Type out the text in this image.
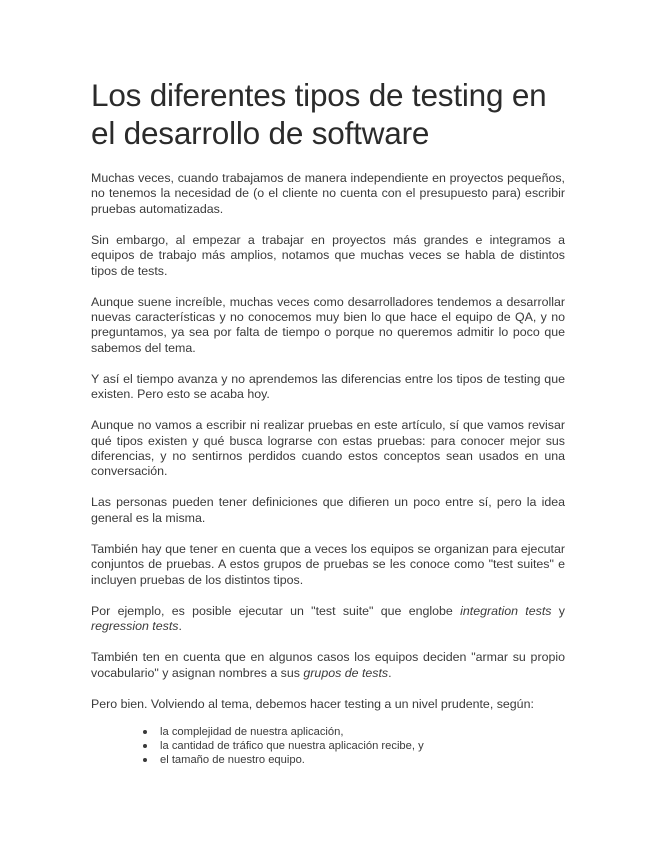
Los diferentes tipos de testing en el desarrollo de software

Muchas veces, cuando trabajamos de manera independiente en proyectos pequeños, no tenemos la necesidad de (o el cliente no cuenta con el presupuesto para) escribir pruebas automatizadas.

Sin embargo, al empezar a trabajar en proyectos más grandes e integramos a equipos de trabajo más amplios, notamos que muchas veces se habla de distintos tipos de tests.

Aunque suene increíble, muchas veces como desarrolladores tendemos a desarrollar nuevas características y no conocemos muy bien lo que hace el equipo de QA, y no preguntamos, ya sea por falta de tiempo o porque no queremos admitir lo poco que sabemos del tema.

Y así el tiempo avanza y no aprendemos las diferencias entre los tipos de testing que existen. Pero esto se acaba hoy.

Aunque no vamos a escribir ni realizar pruebas en este artículo, sí que vamos revisar qué tipos existen y qué busca lograrse con estas pruebas: para conocer mejor sus diferencias, y no sentirnos perdidos cuando estos conceptos sean usados en una conversación.

Las personas pueden tener definiciones que difieren un poco entre sí, pero la idea general es la misma.

También hay que tener en cuenta que a veces los equipos se organizan para ejecutar conjuntos de pruebas. A estos grupos de pruebas se les conoce como "test suites" e incluyen pruebas de los distintos tipos.

Por ejemplo, es posible ejecutar un "test suite" que englobe integration tests y regression tests.

También ten en cuenta que en algunos casos los equipos deciden "armar su propio vocabulario" y asignan nombres a sus grupos de tests.

Pero bien. Volviendo al tema, debemos hacer testing a un nivel prudente, según:

la complejidad de nuestra aplicación,
la cantidad de tráfico que nuestra aplicación recibe, y
el tamaño de nuestro equipo.
